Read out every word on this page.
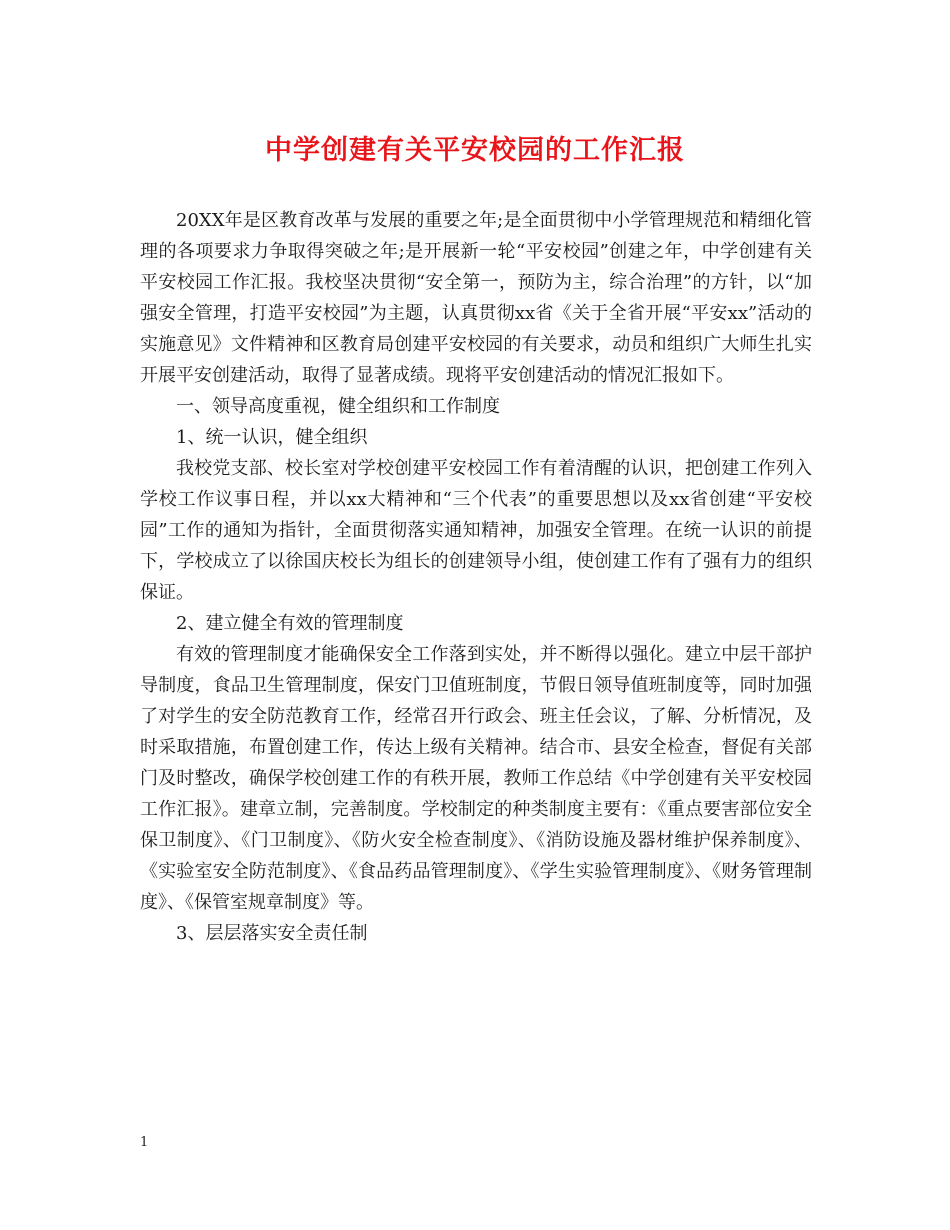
中学创建有关平安校园的工作汇报

20XX年是区教育改革与发展的重要之年;是全面贯彻中小学管理规范和精细化管理的各项要求力争取得突破之年;是开展新一轮“平安校园”创建之年，中学创建有关平安校园工作汇报。我校坚决贯彻“安全第一，预防为主，综合治理”的方针，以“加强安全管理，打造平安校园”为主题，认真贯彻xx省《关于全省开展“平安xx”活动的实施意见》文件精神和区教育局创建平安校园的有关要求，动员和组织广大师生扎实开展平安创建活动，取得了显著成绩。现将平安创建活动的情况汇报如下。

一、领导高度重视，健全组织和工作制度

1、统一认识，健全组织

我校党支部、校长室对学校创建平安校园工作有着清醒的认识，把创建工作列入学校工作议事日程，并以xx大精神和“三个代表”的重要思想以及xx省创建“平安校园”工作的通知为指针，全面贯彻落实通知精神，加强安全管理。在统一认识的前提下，学校成立了以徐国庆校长为组长的创建领导小组，使创建工作有了强有力的组织保证。

2、建立健全有效的管理制度

有效的管理制度才能确保安全工作落到实处，并不断得以强化。建立中层干部护导制度，食品卫生管理制度，保安门卫值班制度，节假日领导值班制度等，同时加强了对学生的安全防范教育工作，经常召开行政会、班主任会议，了解、分析情况，及时采取措施，布置创建工作，传达上级有关精神。结合市、县安全检查，督促有关部门及时整改，确保学校创建工作的有秩开展，教师工作总结《中学创建有关平安校园工作汇报》。建章立制，完善制度。学校制定的种类制度主要有：《重点要害部位安全保卫制度》、《门卫制度》、《防火安全检查制度》、《消防设施及器材维护保养制度》、《实验室安全防范制度》、《食品药品管理制度》、《学生实验管理制度》、《财务管理制度》、《保管室规章制度》等。

3、层层落实安全责任制

1
